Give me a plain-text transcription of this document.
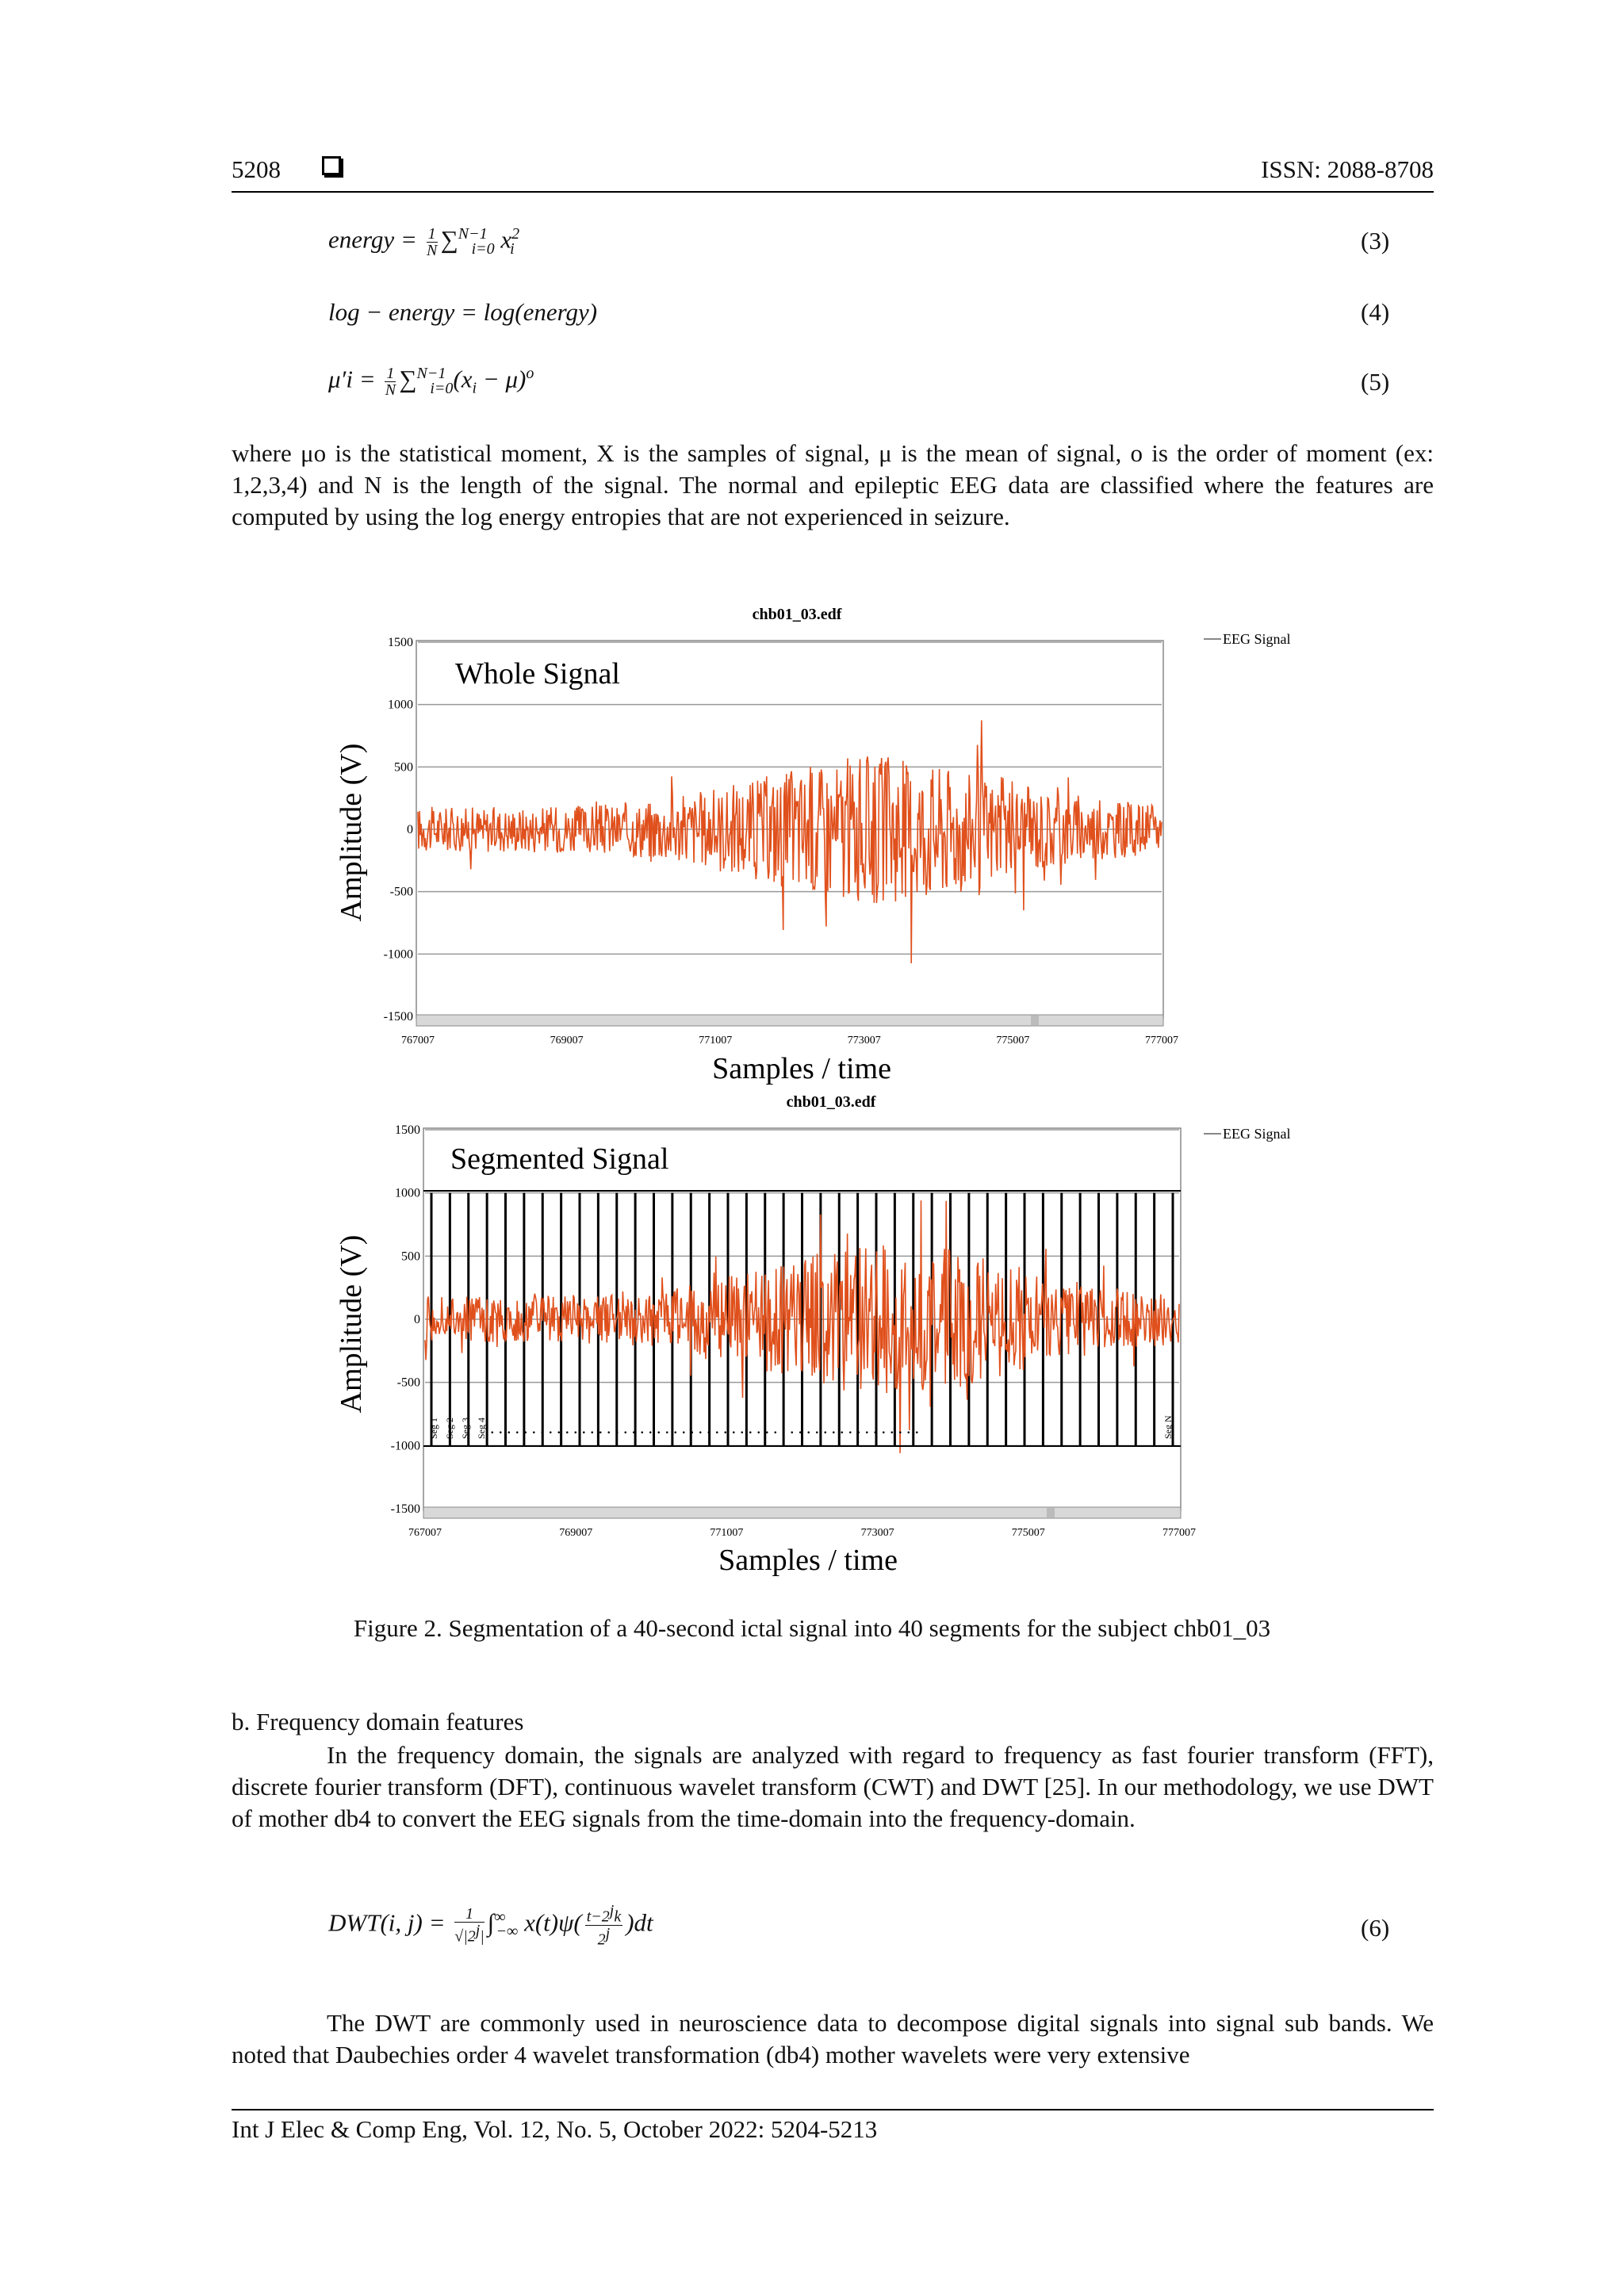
5208	ISSN: 2088-8708
energy = $\frac{1}{N} \sum^{N-1}_{i=0}$ $x^2_i$	(3)
log − energy = log(energy)	(4)
$\mu'i = \frac{1}{N} \sum^{N-1}_{i=0}(x_i - \mu)^o$	(5)

where μo is the statistical moment, X is the samples of signal, μ is the mean of signal, o is the order of moment (ex: 1,2,3,4) and N is the length of the signal. The normal and epileptic EEG data are classified where the features are computed by using the log energy entropies that are not experienced in seizure.

chb01_03.edf
Whole Signal
1500
1000
500
0
-500
-1000
-1500
Amplitude (V)
767007	769007	771007	773007	775007	777007
Samples / time
EEG Signal
chb01_03.edf
Segmented Signal
1500
1000
500
0
-500
-1000
-1500
Amplitude (V)
Seg 1 Seg 2 Seg 3 Seg 4	Seg N
....................................................
767007	769007	771007	773007	775007	777007
Samples / time
EEG Signal
Figure 2. Segmentation of a 40-second ictal signal into 40 segments for the subject chb01_03
b. Frequency domain features

In the frequency domain, the signals are analyzed with regard to frequency as fast fourier transform (FFT), discrete fourier transform (DFT), continuous wavelet transform (CWT) and DWT [25]. In our methodology, we use DWT of mother db4 to convert the EEG signals from the time-domain into the frequency-domain.

DWT(i, $j) = \frac{1}{√|2^j|} \int^\infty_{-\infty}$ $x(t)\psi( \frac{t-2^jk}{2^j} )dt$	(6)

The DWT are commonly used in neuroscience data to decompose digital signals into signal sub bands. We noted that Daubechies order 4 wavelet transformation (db4) mother wavelets were very extensive

Int J Elec & Comp Eng, Vol. 12, No. 5, October 2022: 5204-5213
